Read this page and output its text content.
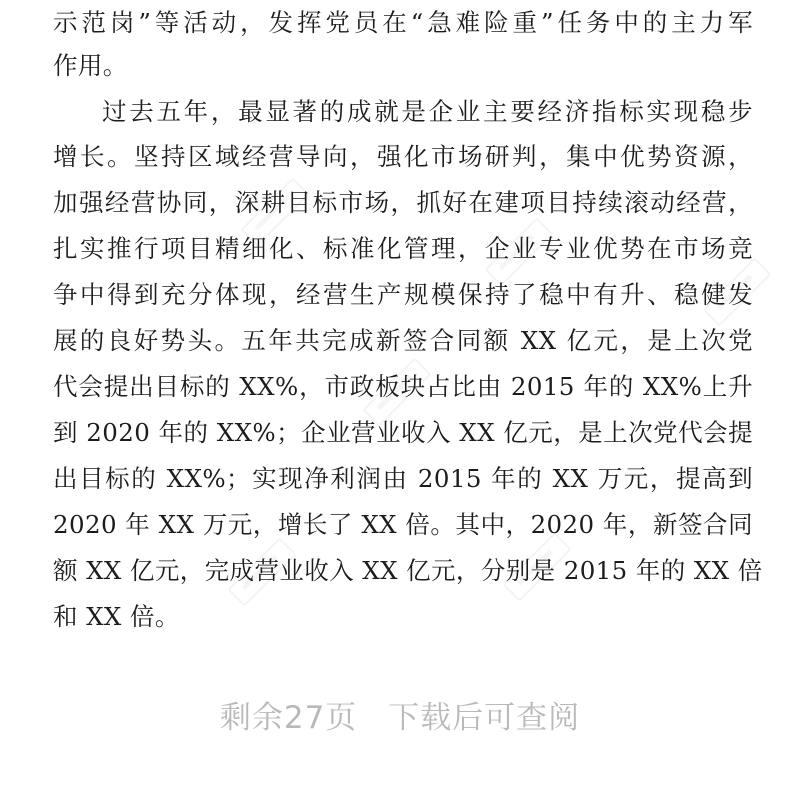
示范岗”等活动，发挥党员在“急难险重”任务中的主力军
作用。
过去五年，最显著的成就是企业主要经济指标实现稳步
增长。坚持区域经营导向，强化市场研判，集中优势资源，
加强经营协同，深耕目标市场，抓好在建项目持续滚动经营，
扎实推行项目精细化、标准化管理，企业专业优势在市场竞
争中得到充分体现，经营生产规模保持了稳中有升、稳健发
展的良好势头。五年共完成新签合同额 XX 亿元，是上次党
代会提出目标的 XX%，市政板块占比由 2015 年的 XX%上升
到 2020 年的 XX%；企业营业收入 XX 亿元，是上次党代会提
出目标的 XX%；实现净利润由 2015 年的 XX 万元，提高到
2020 年 XX 万元，增长了 XX 倍。其中，2020 年，新签合同
额 XX 亿元，完成营业收入 XX 亿元，分别是 2015 年的 XX 倍
和 XX 倍。
剩余27页 下载后可查阅
